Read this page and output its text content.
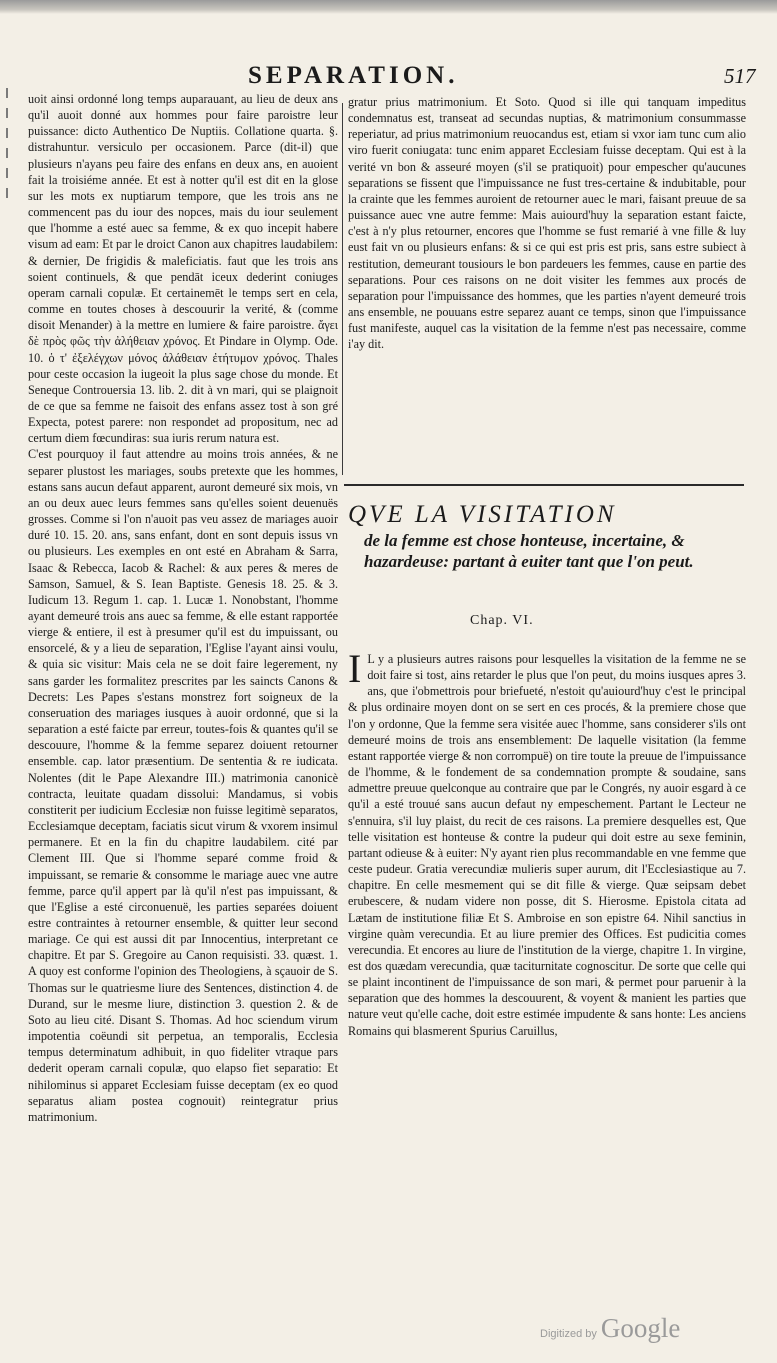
SEPARATION.	517

uoit ainsi ordonné long temps auparauant, au lieu de deux ans qu'il auoit donné aux hommes pour faire paroistre leur puissance: dicto Authentico De Nuptiis. Collatione quarta. §. distrahuntur. versiculo per occasionem. Parce (dit-il) que plusieurs n'ayans peu faire des enfans en deux ans, en auoient fait la troisiéme année. Et est à notter qu'il est dit en la glose sur les mots ex nuptiarum tempore, que les trois ans ne commencent pas du iour des nopces, mais du iour seulement que l'homme a esté auec sa femme, & ex quo incepit habere visum ad eam: Et par le droict Canon aux chapitres laudabilem: & dernier, De frigidis & maleficiatis. faut que les trois ans soient continuels, & que pendāt iceux dederint coniuges operam carnali copulæ. Et certainemēt le temps sert en cela, comme en toutes choses à descouurir la verité, & (comme disoit Menander) à la mettre en lumiere & faire paroistre. ἄγει δὲ πρὸς φῶς τὴν ἀλήθειαν χρόνος. Et Pindare in Olymp. Ode. 10. ὁ τ' ἐξελέγχων μόνος ἀλάθειαν ἐτήτυμον χρόνος. Thales pour ceste occasion la iugeoit la plus sage chose du monde. Et Seneque Controuersia 13. lib. 2. dit à vn mari, qui se plaignoit de ce que sa femme ne faisoit des enfans assez tost à son gré Expecta, potest parere: non respondet ad propositum, nec ad certum diem fœcundiras: sua iuris rerum natura est.

C'est pourquoy il faut attendre au moins trois années, & ne separer plustost les mariages, soubs pretexte que les hommes, estans sans aucun defaut apparent, auront demeuré six mois, vn an ou deux auec leurs femmes sans qu'elles soient deuenuës grosses. Comme si l'on n'auoit pas veu assez de mariages auoir duré 10. 15. 20. ans, sans enfant, dont en sont depuis issus vn ou plusieurs. Les exemples en ont esté en Abraham & Sarra, Isaac & Rebecca, Iacob & Rachel: & aux peres & meres de Samson, Samuel, & S. Iean Baptiste. Genesis 18. 25. & 3. Iudicum 13. Regum 1. cap. 1. Lucæ 1. Nonobstant, l'homme ayant demeuré trois ans auec sa femme, & elle estant rapportée vierge & entiere, il est à presumer qu'il est du impuissant, ou ensorcelé, & y a lieu de separation, l'Eglise l'ayant ainsi voulu, & quia sic visitur: Mais cela ne se doit faire legerement, ny sans garder les formalitez prescrites par les saincts Canons & Decrets: Les Papes s'estans monstrez fort soigneux de la conseruation des mariages iusques à auoir ordonné, que si la separation a esté faicte par erreur, toutes-fois & quantes qu'il se descouure, l'homme & la femme separez doiuent retourner ensemble. cap. lator præsentium. De sententia & re iudicata. Nolentes (dit le Pape Alexandre III.) matrimonia canonicè contracta, leuitate quadam dissolui: Mandamus, si vobis constiterit per iudicium Ecclesiæ non fuisse legitimè separatos, Ecclesiamque deceptam, faciatis sicut virum & vxorem insimul permanere. Et en la fin du chapitre laudabilem. cité par Clement III. Que si l'homme separé comme froid & impuissant, se remarie & consomme le mariage auec vne autre femme, parce qu'il appert par là qu'il n'est pas impuissant, & que l'Eglise a esté circonuenuë, les parties separées doiuent estre contraintes à retourner ensemble, & quitter leur second mariage. Ce qui est aussi dit par Innocentius, interpretant ce chapitre. Et par S. Gregoire au Canon requisisti. 33. quæst. 1. A quoy est conforme l'opinion des Theologiens, à sçauoir de S. Thomas sur le quatriesme liure des Sentences, distinction 4. de Durand, sur le mesme liure, distinction 3. question 2. & de Soto au lieu cité. Disant S. Thomas. Ad hoc sciendum virum impotentia coëundi sit perpetua, an temporalis, Ecclesia tempus determinatum adhibuit, in quo fideliter vtraque pars dederit operam carnali copulæ, quo elapso fiet separatio: Et nihilominus si apparet Ecclesiam fuisse deceptam (ex eo quod separatus aliam postea cognouit) reintegratur prius matrimonium.

gratur prius matrimonium. Et Soto. Quod si ille qui tanquam impeditus condemnatus est, transeat ad secundas nuptias, & matrimonium consummasse reperiatur, ad prius matrimonium reuocandus est, etiam si vxor iam tunc cum alio viro fuerit coniugata: tunc enim apparet Ecclesiam fuisse deceptam. Qui est à la verité vn bon & asseuré moyen (s'il se pratiquoit) pour empescher qu'aucunes separations se fissent que l'impuissance ne fust tres-certaine & indubitable, pour la crainte que les femmes auroient de retourner auec le mari, faisant preuue de sa puissance auec vne autre femme: Mais auiourd'huy la separation estant faicte, c'est à n'y plus retourner, encores que l'homme se fust remarié à vne fille & luy eust fait vn ou plusieurs enfans: & si ce qui est pris est pris, sans estre subiect à restitution, demeurant tousiours le bon pardeuers les femmes, cause en partie des separations. Pour ces raisons on ne doit visiter les femmes aux procés de separation pour l'impuissance des hommes, que les parties n'ayent demeuré trois ans ensemble, ne pouuans estre separez auant ce temps, sinon que l'impuissance fust manifeste, auquel cas la visitation de la femme n'est pas necessaire, comme i'ay dit.

QVE LA VISITATION
de la femme est chose honteuse, incertaine, & hazardeuse: partant à euiter tant que l'on peut.
Chap. VI.

I L y a plusieurs autres raisons pour lesquelles la visitation de la femme ne se doit faire si tost, ains retarder le plus que l'on peut, du moins iusques apres 3. ans, que i'obmettrois pour briefueté, n'estoit qu'auiourd'huy c'est le principal & plus ordinaire moyen dont on se sert en ces procés, & la premiere chose que l'on y ordonne, Que la femme sera visitée auec l'homme, sans considerer s'ils ont demeuré moins de trois ans ensemblement: De laquelle visitation (la femme estant rapportée vierge & non corrompuë) on tire toute la preuue de l'impuissance de l'homme, & le fondement de sa condemnation prompte & soudaine, sans admettre preuue quelconque au contraire que par le Congrés, ny auoir esgard à ce qu'il a esté trouué sans aucun defaut ny empeschement. Partant le Lecteur ne s'ennuira, s'il luy plaist, du recit de ces raisons. La premiere desquelles est, Que telle visitation est honteuse & contre la pudeur qui doit estre au sexe feminin, partant odieuse & à euiter: N'y ayant rien plus recommandable en vne femme que ceste pudeur. Gratia verecundiæ mulieris super aurum, dit l'Ecclesiastique au 7. chapitre. En celle mesmement qui se dit fille & vierge. Quæ seipsam debet erubescere, & nudam videre non posse, dit S. Hierosme. Epistola citata ad Lætam de institutione filiæ Et S. Ambroise en son epistre 64. Nihil sanctius in virgine quàm verecundia. Et au liure premier des Offices. Est pudicitia comes verecundia. Et encores au liure de l'institution de la vierge, chapitre 1. In virgine, est dos quædam verecundia, quæ taciturnitate cognoscitur. De sorte que celle qui se plaint incontinent de l'impuissance de son mari, & permet pour paruenir à la separation que des hommes la descouurent, & voyent & manient les parties que nature veut qu'elle cache, doit estre estimée impudente & sans honte: Les anciens Romains qui blasmerent Spurius Caruillus,

Digitized by Google
